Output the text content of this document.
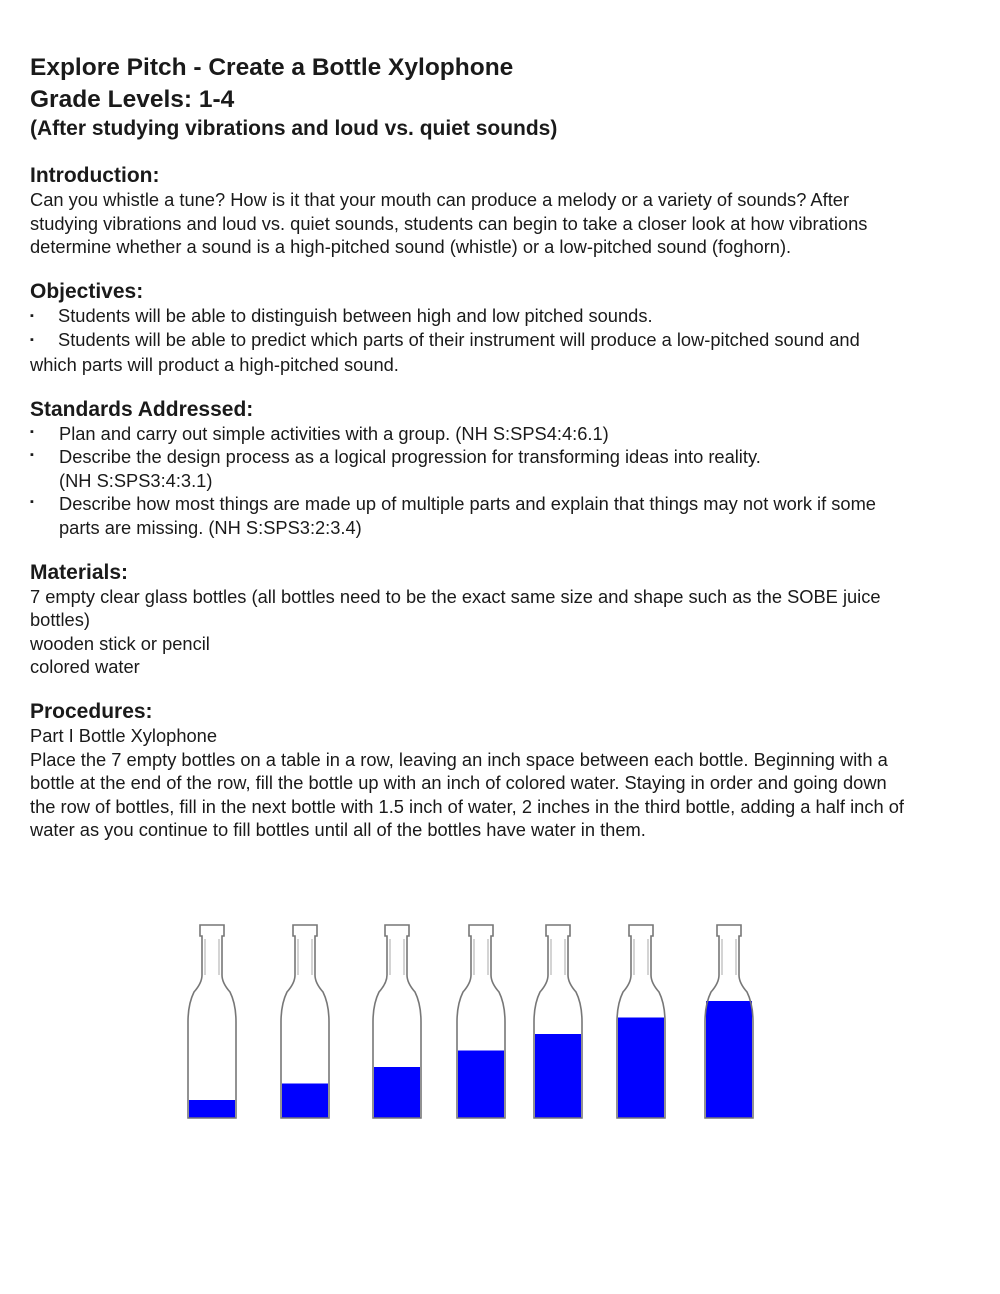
Explore Pitch - Create a Bottle Xylophone
Grade Levels: 1-4
(After studying vibrations and loud vs. quiet sounds)
Introduction:
Can you whistle a tune? How is it that your mouth can produce a melody or a variety of sounds? After
studying vibrations and loud vs. quiet sounds, students can begin to take a closer look at how vibrations
determine whether a sound is a high-pitched sound (whistle) or a low-pitched sound (foghorn).
Objectives:
▪ Students will be able to distinguish between high and low pitched sounds.
▪ Students will be able to predict which parts of their instrument will produce a low-pitched sound and
which parts will product a high-pitched sound.
Standards Addressed:
▪	Plan and carry out simple activities with a group. (NH S:SPS4:4:6.1)
▪	Describe the design process as a logical progression for transforming ideas into reality.
(NH S:SPS3:4:3.1)
▪	Describe how most things are made up of multiple parts and explain that things may not work if some
parts are missing. (NH S:SPS3:2:3.4)
Materials:
7 empty clear glass bottles (all bottles need to be the exact same size and shape such as the SOBE juice
bottles)
wooden stick or pencil
colored water
Procedures:
Part I Bottle Xylophone
Place the 7 empty bottles on a table in a row, leaving an inch space between each bottle. Beginning with a
bottle at the end of the row, fill the bottle up with an inch of colored water. Staying in order and going down
the row of bottles, fill in the next bottle with 1.5 inch of water, 2 inches in the third bottle, adding a half inch of
water as you continue to fill bottles until all of the bottles have water in them.
